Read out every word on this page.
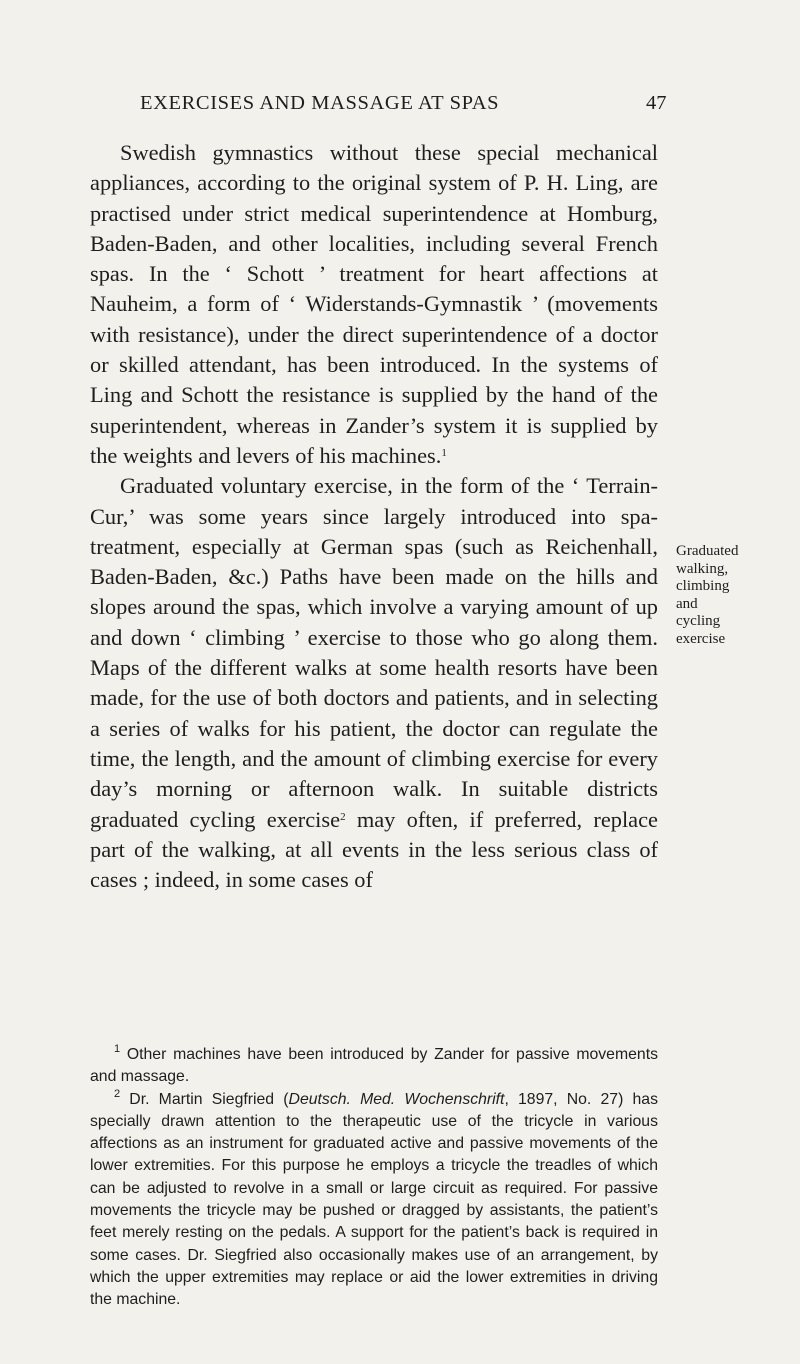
EXERCISES AND MASSAGE AT SPAS	47

Swedish gymnastics without these special mechanical appliances, according to the original system of P. H. Ling, are practised under strict medical superintendence at Homburg, Baden-Baden, and other localities, including several French spas. In the ‘ Schott ’ treatment for heart affections at Nauheim, a form of ‘ Widerstands-Gymnastik ’ (movements with resistance), under the direct superintendence of a doctor or skilled attendant, has been introduced. In the systems of Ling and Schott the resistance is supplied by the hand of the superintendent, whereas in Zander’s system it is supplied by the weights and levers of his machines.$^1$

Graduated voluntary exercise, in the form of the ‘ Terrain-Cur,’ was some years since largely introduced into spa-treatment, especially at German spas (such as Reichenhall, Baden-Baden, &c.) Paths have been made on the hills and slopes around the spas, which involve a varying amount of up and down ‘ climbing ’ exercise to those who go along them. Maps of the different walks at some health resorts have been made, for the use of both doctors and patients, and in selecting a series of walks for his patient, the doctor can regulate the time, the length, and the amount of climbing exercise for every day’s morning or afternoon walk. In suitable districts graduated cycling exercise$^2$ may often, if preferred, replace part of the walking, at all events in the less serious class of cases ; indeed, in some cases of

Graduated
walking,
climbing
and
cycling
exercise

$^1$ Other machines have been introduced by Zander for passive movements and massage.

$^2$ Dr. Martin Siegfried (Deutsch. Med. Wochenschrift, 1897, No. 27) has specially drawn attention to the therapeutic use of the tricycle in various affections as an instrument for graduated active and passive movements of the lower extremities. For this purpose he employs a tricycle the treadles of which can be adjusted to revolve in a small or large circuit as required. For passive movements the tricycle may be pushed or dragged by assistants, the patient’s feet merely resting on the pedals. A support for the patient’s back is required in some cases. Dr. Siegfried also occasionally makes use of an arrangement, by which the upper extremities may replace or aid the lower extremities in driving the machine.
